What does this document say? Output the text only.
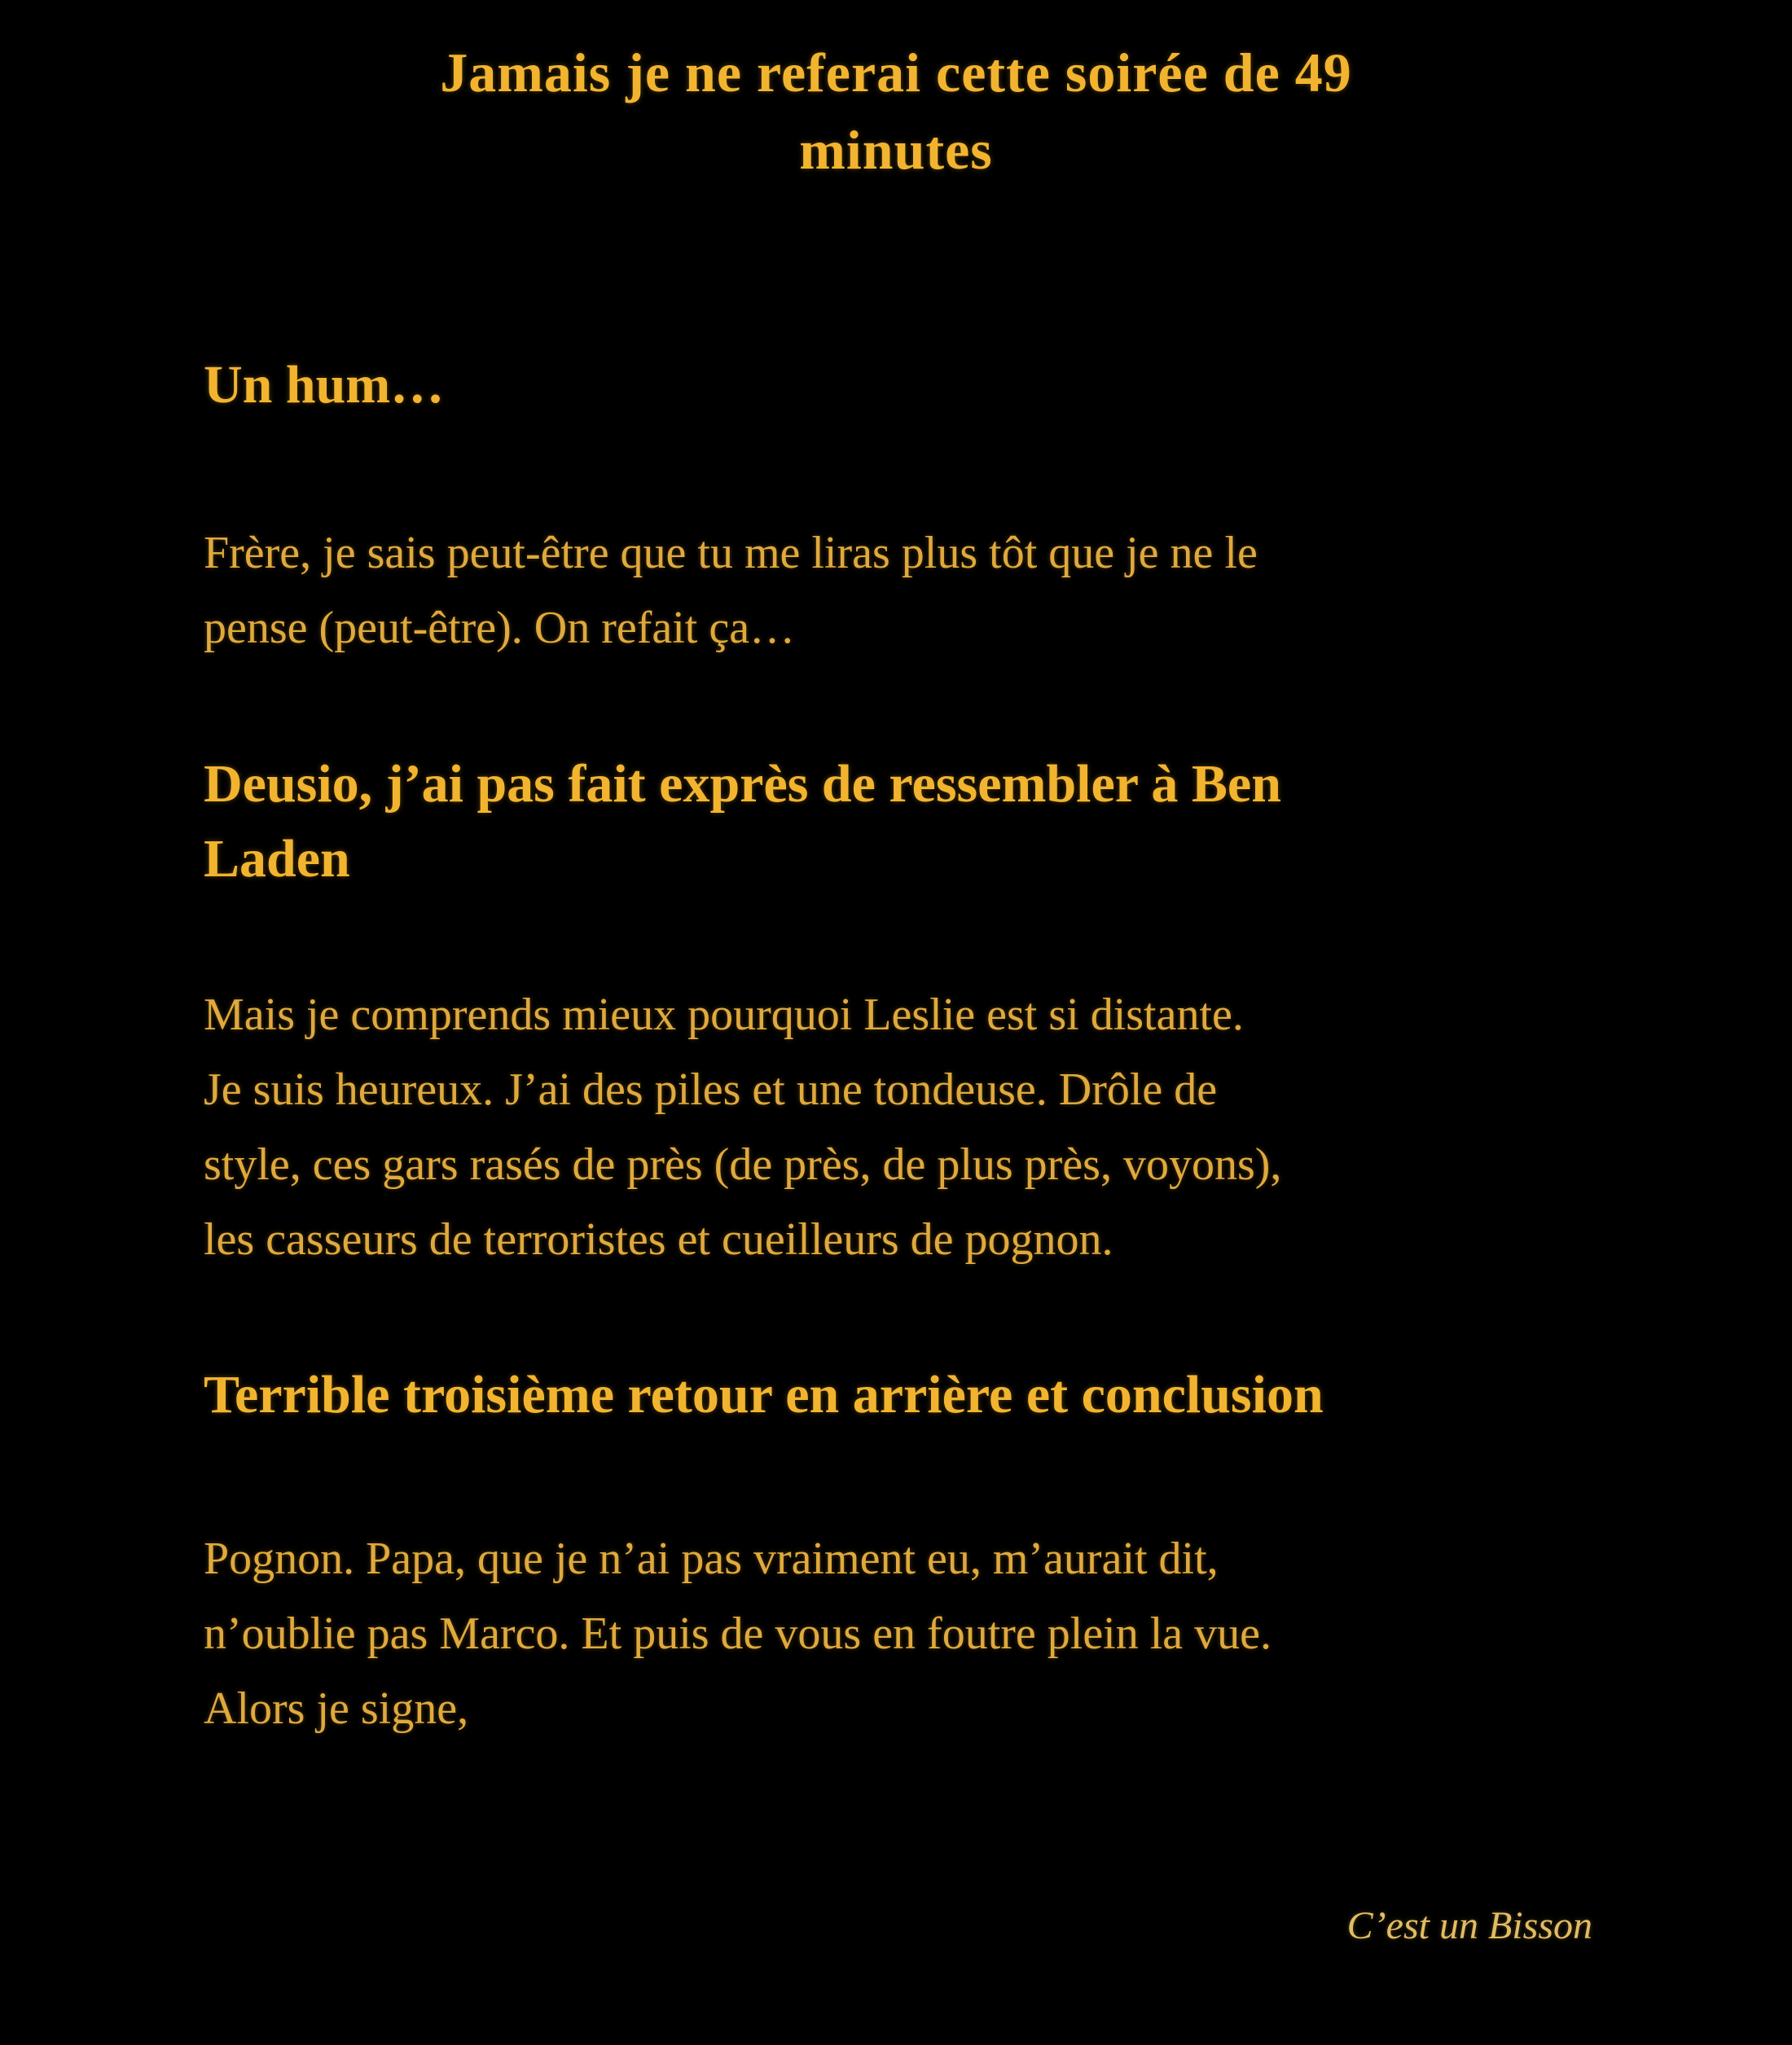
Jamais je ne referai cette soirée de 49
minutes
Un hum…
Frère, je sais peut-être que tu me liras plus tôt que je ne le
pense (peut-être). On refait ça…
Deusio, j’ai pas fait exprès de ressembler à Ben
Laden
Mais je comprends mieux pourquoi Leslie est si distante.
Je suis heureux. J’ai des piles et une tondeuse. Drôle de
style, ces gars rasés de près (de près, de plus près, voyons),
les casseurs de terroristes et cueilleurs de pognon.
Terrible troisième retour en arrière et conclusion
Pognon. Papa, que je n’ai pas vraiment eu, m’aurait dit,
n’oublie pas Marco. Et puis de vous en foutre plein la vue.
Alors je signe,
C’est un Bisson
